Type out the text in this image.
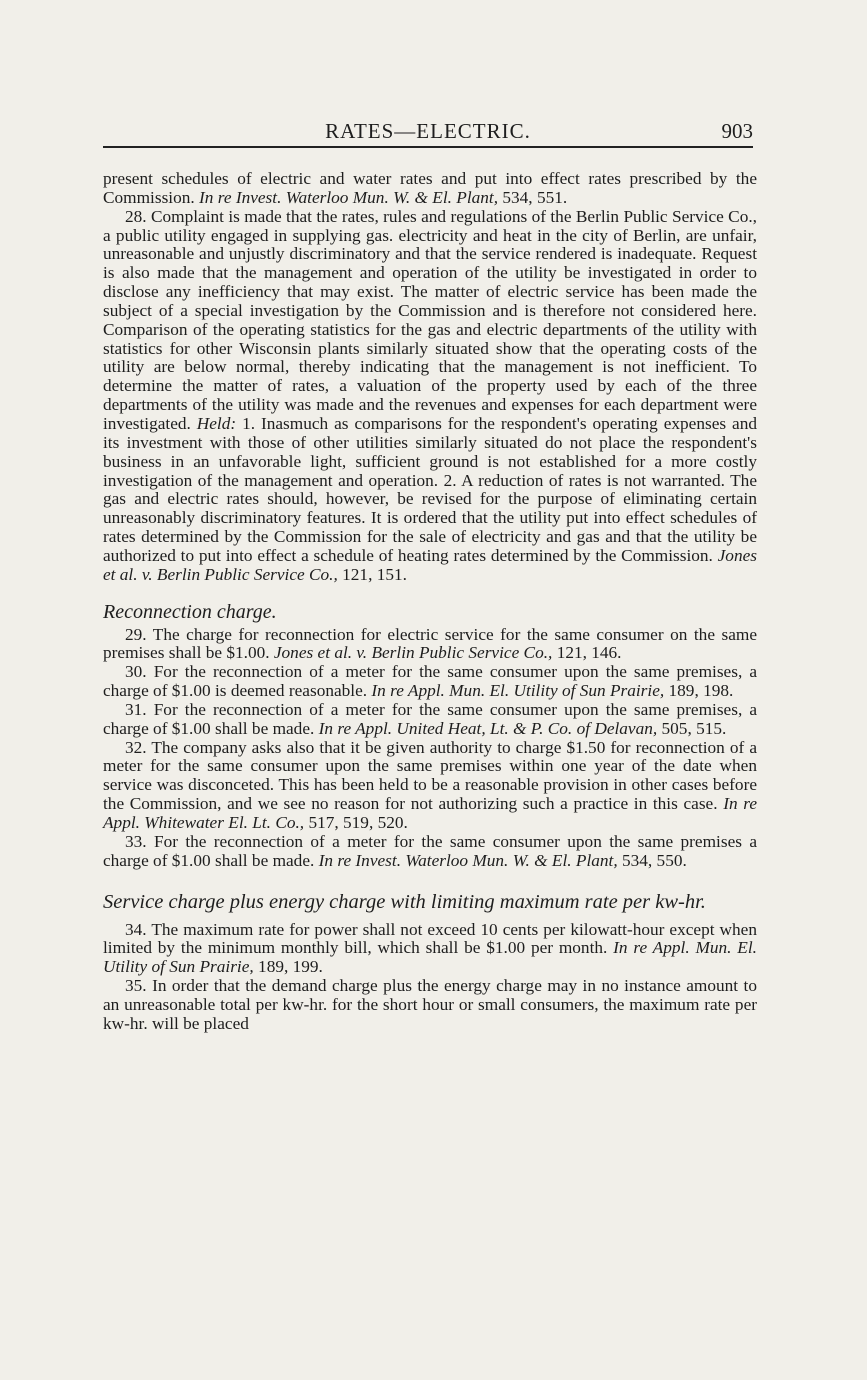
RATES—ELECTRIC.	903

present schedules of electric and water rates and put into effect rates prescribed by the Commission. In re Invest. Waterloo Mun. W. & El. Plant, 534, 551.

28. Complaint is made that the rates, rules and regulations of the Berlin Public Service Co., a public utility engaged in supplying gas. electricity and heat in the city of Berlin, are unfair, unreasonable and unjustly discriminatory and that the service rendered is inadequate. Request is also made that the management and operation of the utility be investigated in order to disclose any inefficiency that may exist. The matter of electric service has been made the subject of a special investigation by the Commission and is therefore not considered here. Comparison of the operating statistics for the gas and electric departments of the utility with statistics for other Wisconsin plants similarly situated show that the operating costs of the utility are below normal, thereby indicating that the management is not inefficient. To determine the matter of rates, a valuation of the property used by each of the three departments of the utility was made and the revenues and expenses for each department were investigated. Held: 1. Inasmuch as comparisons for the respondent's operating expenses and its investment with those of other utilities similarly situated do not place the respondent's business in an unfavorable light, sufficient ground is not established for a more costly investigation of the management and operation. 2. A reduction of rates is not warranted. The gas and electric rates should, however, be revised for the purpose of eliminating certain unreasonably discriminatory features. It is ordered that the utility put into effect schedules of rates determined by the Commission for the sale of electricity and gas and that the utility be authorized to put into effect a schedule of heating rates determined by the Commission. Jones et al. v. Berlin Public Service Co., 121, 151.

Reconnection charge.

29. The charge for reconnection for electric service for the same consumer on the same premises shall be $1.00. Jones et al. v. Berlin Public Service Co., 121, 146.

30. For the reconnection of a meter for the same consumer upon the same premises, a charge of $1.00 is deemed reasonable. In re Appl. Mun. El. Utility of Sun Prairie, 189, 198.

31. For the reconnection of a meter for the same consumer upon the same premises, a charge of $1.00 shall be made. In re Appl. United Heat, Lt. & P. Co. of Delavan, 505, 515.

32. The company asks also that it be given authority to charge $1.50 for reconnection of a meter for the same consumer upon the same premises within one year of the date when service was disconceted. This has been held to be a reasonable provision in other cases before the Commission, and we see no reason for not authorizing such a practice in this case. In re Appl. Whitewater El. Lt. Co., 517, 519, 520.

33. For the reconnection of a meter for the same consumer upon the same premises a charge of $1.00 shall be made. In re Invest. Waterloo Mun. W. & El. Plant, 534, 550.

Service charge plus energy charge with limiting maximum rate per kw-hr.

34. The maximum rate for power shall not exceed 10 cents per kilowatt-hour except when limited by the minimum monthly bill, which shall be $1.00 per month. In re Appl. Mun. El. Utility of Sun Prairie, 189, 199.

35. In order that the demand charge plus the energy charge may in no instance amount to an unreasonable total per kw-hr. for the short hour or small consumers, the maximum rate per kw-hr. will be placed
